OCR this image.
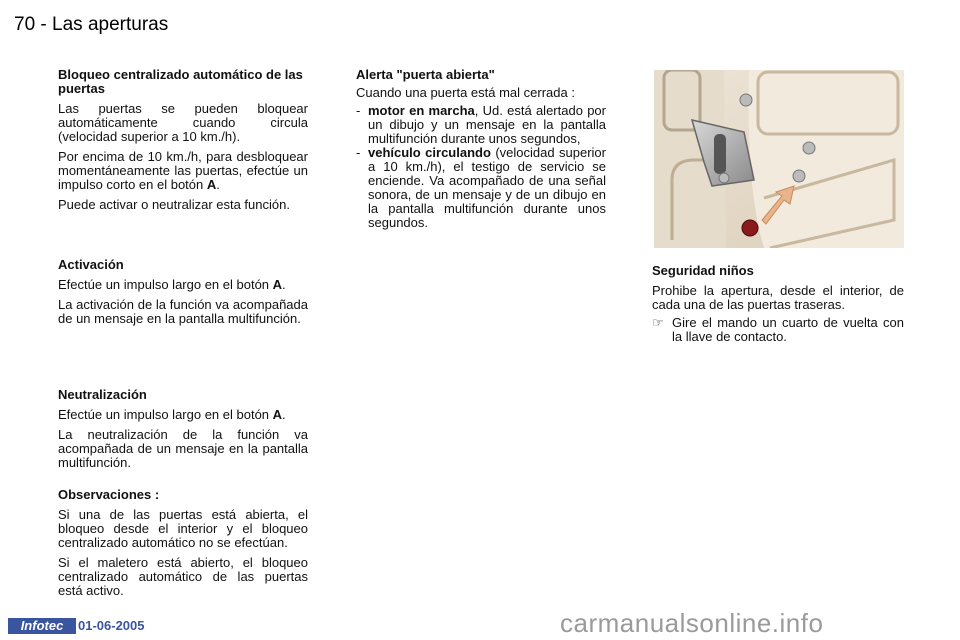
70 - Las aperturas
Bloqueo centralizado automático de las puertas
Las puertas se pueden bloquear automáticamente cuando circula (velocidad superior a 10 km./h).
Por encima de 10 km./h, para desbloquear momentáneamente las puertas, efectúe un impulso corto en el botón A.
Puede activar o neutralizar esta función.
Activación
Efectúe un impulso largo en el botón A.
La activación de la función va acompañada de un mensaje en la pantalla multifunción.
Neutralización
Efectúe un impulso largo en el botón A.
La neutralización de la función va acompañada de un mensaje en la pantalla multifunción.
Observaciones :
Si una de las puertas está abierta, el bloqueo desde el interior y el bloqueo centralizado automático no se efectúan.
Si el maletero está abierto, el bloqueo centralizado automático de las puertas está activo.
Alerta "puerta abierta"
Cuando una puerta está mal cerrada :
- motor en marcha, Ud. está alertado por un dibujo y un mensaje en la pantalla multifunción durante unos segundos,
- vehículo circulando (velocidad superior a 10 km./h), el testigo de servicio se enciende. Va acompañado de una señal sonora, de un mensaje y de un dibujo en la pantalla multifunción durante unos segundos.
Seguridad niños
Prohibe la apertura, desde el interior, de cada una de las puertas traseras.
☞ Gire el mando un cuarto de vuelta con la llave de contacto.
Infotec	01-06-2005	carmanualsonline.info
